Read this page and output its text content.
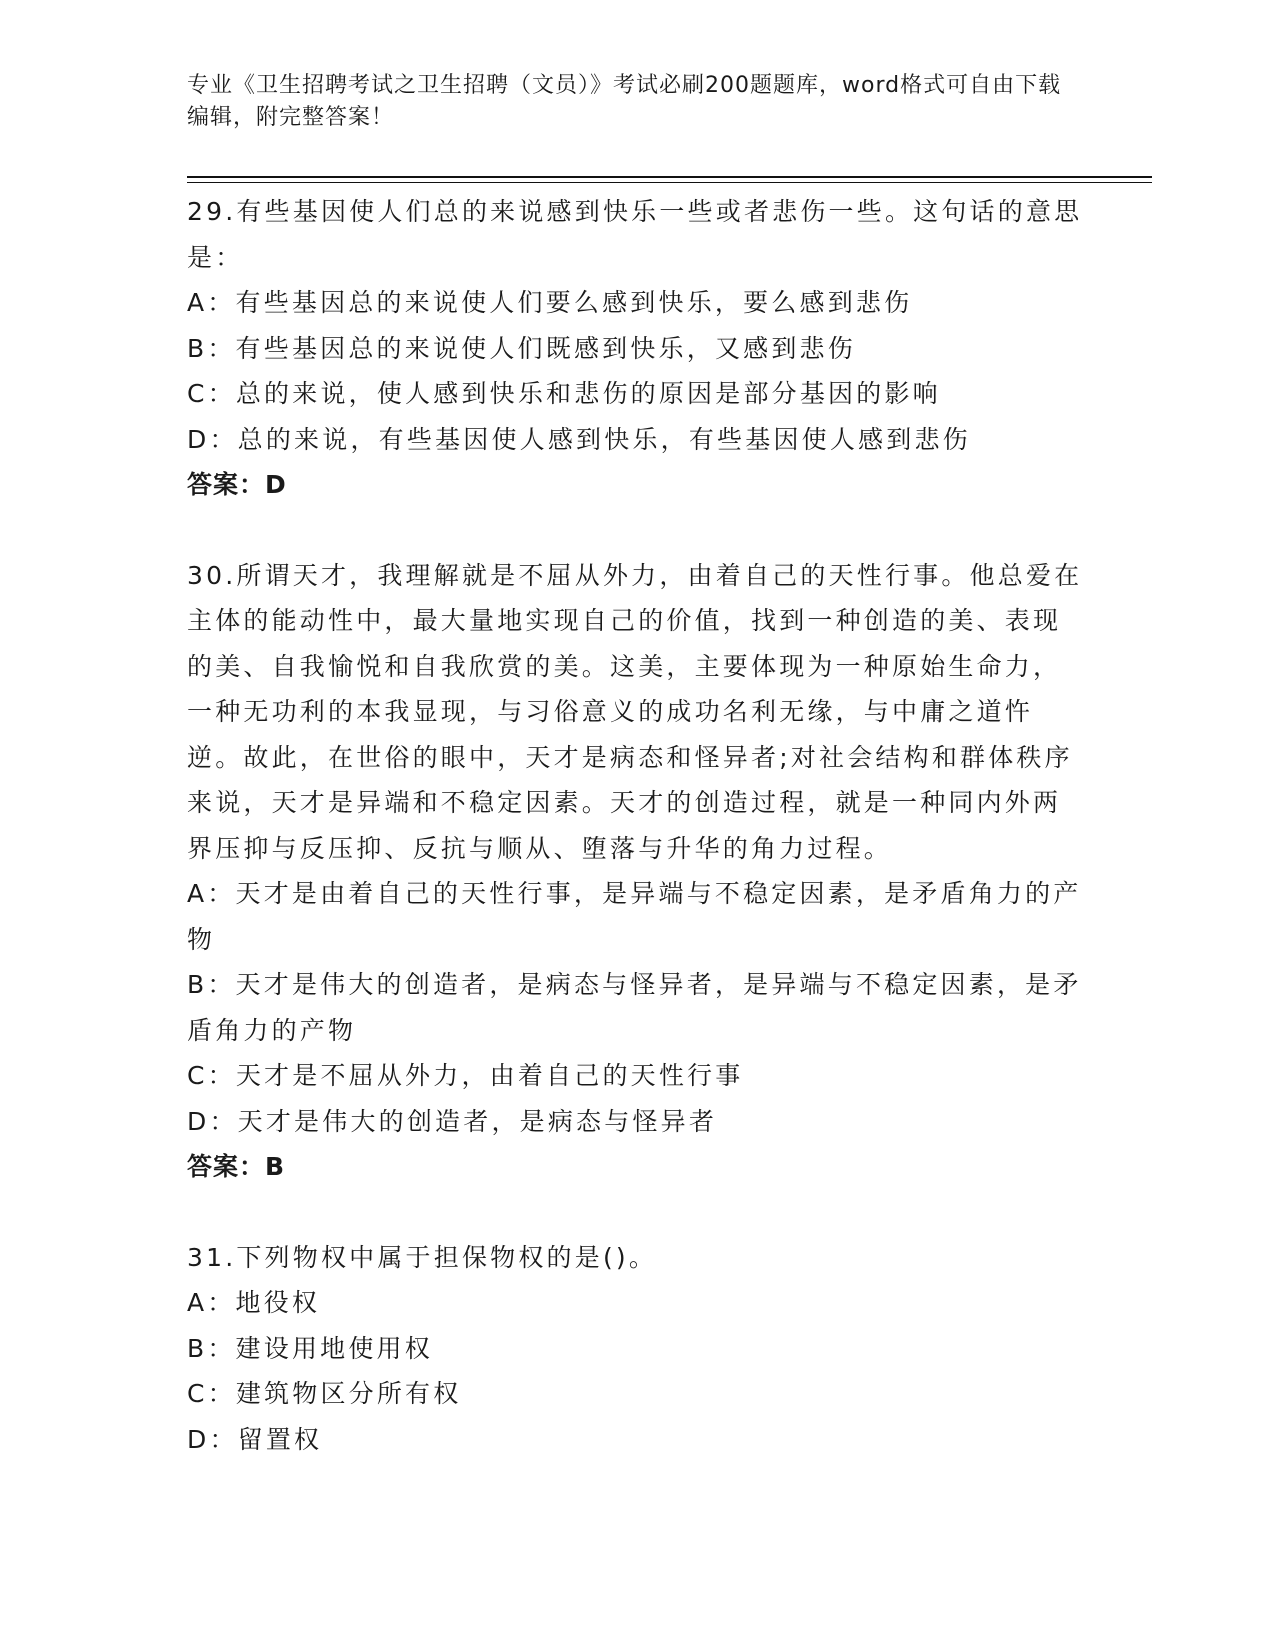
专业《卫生招聘考试之卫生招聘（文员）》考试必刷200题题库，word格式可自由下载编辑，附完整答案！
29.有些基因使人们总的来说感到快乐一些或者悲伤一些。这句话的意思是：
A：有些基因总的来说使人们要么感到快乐，要么感到悲伤
B：有些基因总的来说使人们既感到快乐，又感到悲伤
C：总的来说，使人感到快乐和悲伤的原因是部分基因的影响
D：总的来说，有些基因使人感到快乐，有些基因使人感到悲伤
答案：D
30.所谓天才，我理解就是不屈从外力，由着自己的天性行事。他总爱在主体的能动性中，最大量地实现自己的价值，找到一种创造的美、表现的美、自我愉悦和自我欣赏的美。这美，主要体现为一种原始生命力，一种无功利的本我显现，与习俗意义的成功名利无缘，与中庸之道忤逆。故此，在世俗的眼中，天才是病态和怪异者;对社会结构和群体秩序来说，天才是异端和不稳定因素。天才的创造过程，就是一种同内外两界压抑与反压抑、反抗与顺从、堕落与升华的角力过程。
A：天才是由着自己的天性行事，是异端与不稳定因素，是矛盾角力的产物
B：天才是伟大的创造者，是病态与怪异者，是异端与不稳定因素，是矛盾角力的产物
C：天才是不屈从外力，由着自己的天性行事
D：天才是伟大的创造者，是病态与怪异者
答案：B
31.下列物权中属于担保物权的是()。
A：地役权
B：建设用地使用权
C：建筑物区分所有权
D：留置权
